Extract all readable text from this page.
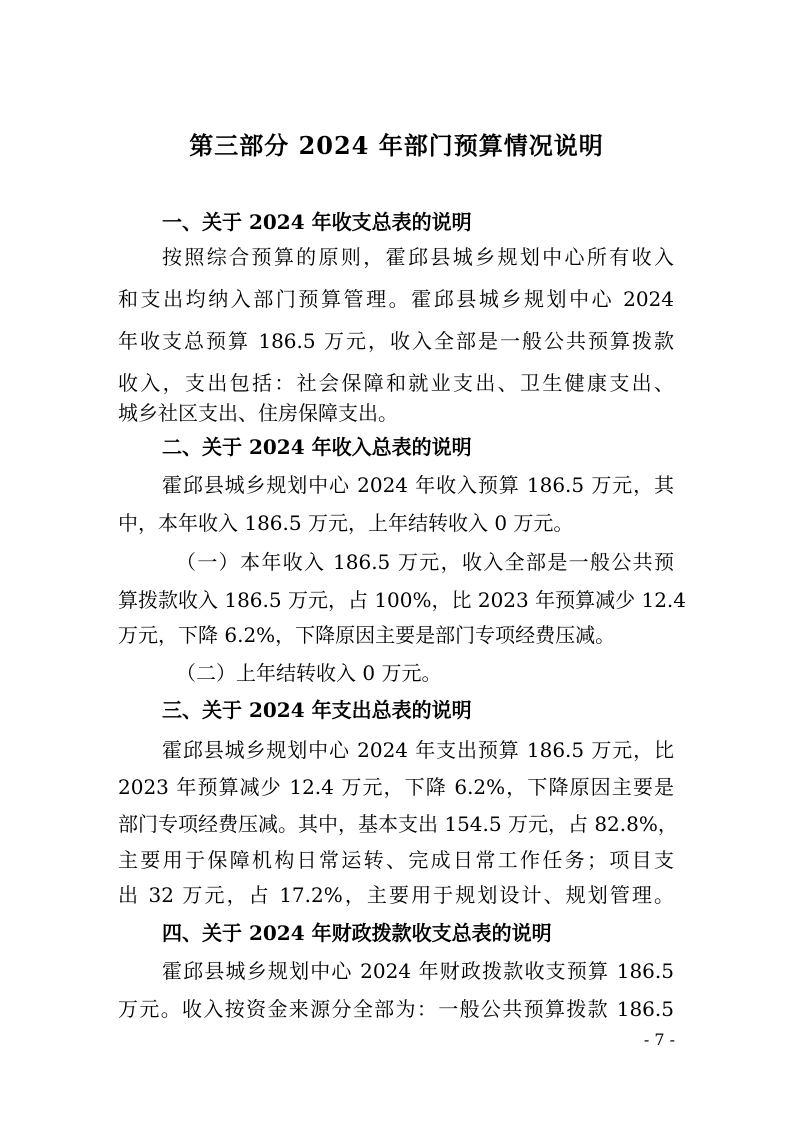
第三部分 2024 年部门预算情况说明
一、关于 2024 年收支总表的说明
按照综合预算的原则，霍邱县城乡规划中心所有收入
和支出均纳入部门预算管理。霍邱县城乡规划中心 2024
年收支总预算 186.5 万元，收入全部是一般公共预算拨款
收入，支出包括：社会保障和就业支出、卫生健康支出、
城乡社区支出、住房保障支出。
二、关于 2024 年收入总表的说明
霍邱县城乡规划中心 2024 年收入预算 186.5 万元，其
中，本年收入 186.5 万元，上年结转收入 0 万元。
（一）本年收入 186.5 万元，收入全部是一般公共预
算拨款收入 186.5 万元，占 100%，比 2023 年预算减少 12.4
万元，下降 6.2%，下降原因主要是部门专项经费压减。
（二）上年结转收入 0 万元。
三、关于 2024 年支出总表的说明
霍邱县城乡规划中心 2024 年支出预算 186.5 万元，比
2023 年预算减少 12.4 万元，下降 6.2%，下降原因主要是
部门专项经费压减。其中，基本支出 154.5 万元，占 82.8%，
主要用于保障机构日常运转、完成日常工作任务；项目支
出 32 万元，占 17.2%，主要用于规划设计、规划管理。
四、关于 2024 年财政拨款收支总表的说明
霍邱县城乡规划中心 2024 年财政拨款收支预算 186.5
万元。收入按资金来源分全部为：一般公共预算拨款 186.5
- 7 -
